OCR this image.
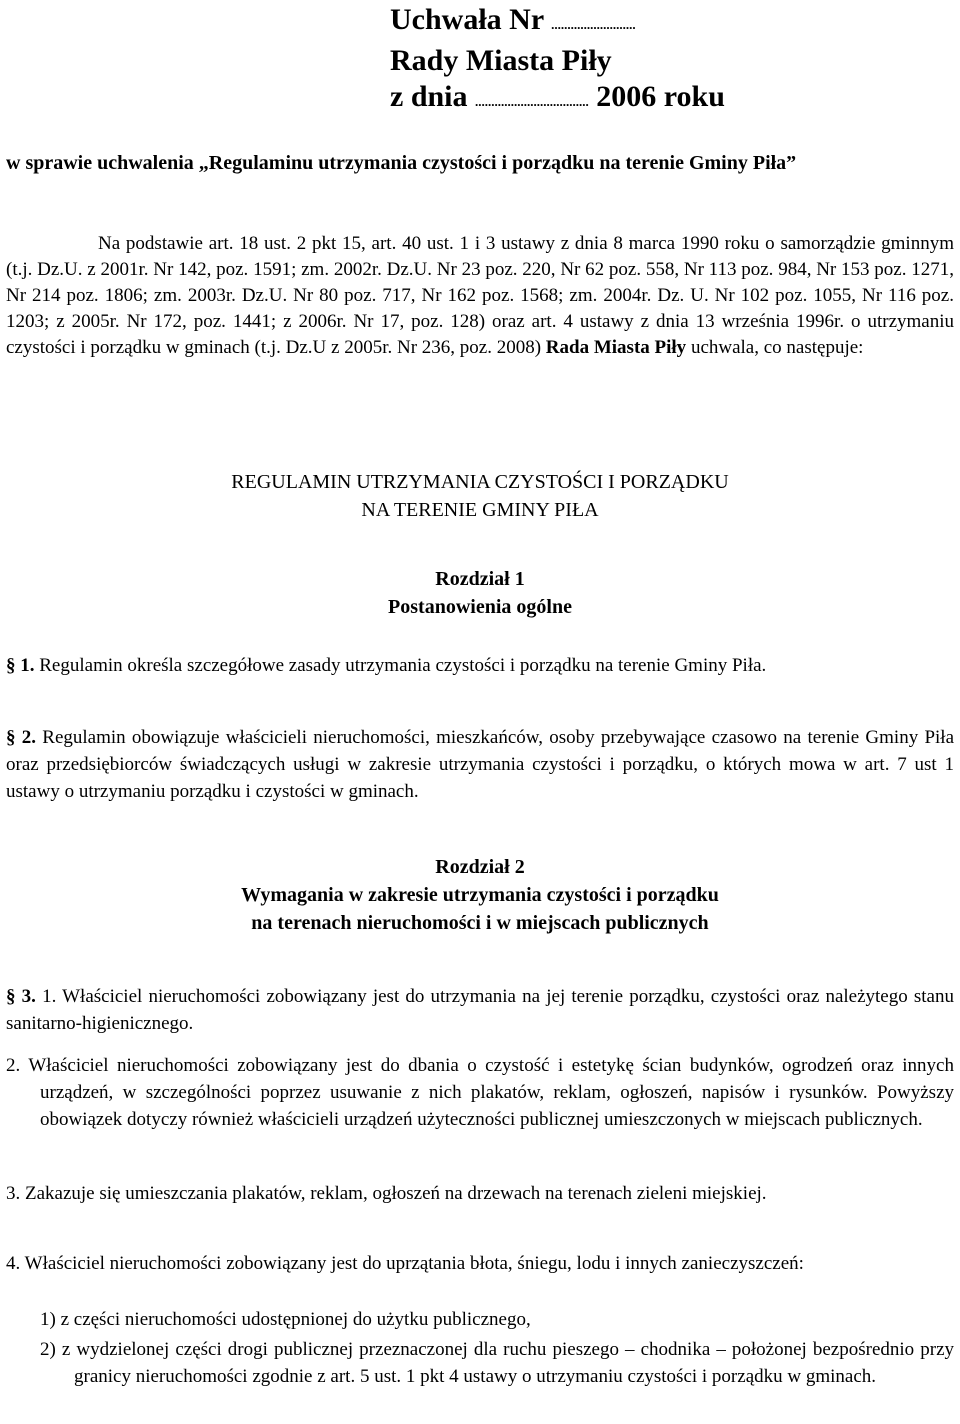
Uchwała Nr ..........................
Rady Miasta Piły
z dnia ................................... 2006 roku
w sprawie uchwalenia „Regulaminu utrzymania czystości i porządku na terenie Gminy Piła”
Na podstawie art. 18 ust. 2 pkt 15, art. 40 ust. 1 i 3 ustawy z dnia 8 marca 1990 roku o samorządzie gminnym (t.j. Dz.U. z 2001r. Nr 142, poz. 1591; zm. 2002r. Dz.U. Nr 23 poz. 220, Nr 62 poz. 558, Nr 113 poz. 984, Nr 153 poz. 1271, Nr 214 poz. 1806; zm. 2003r. Dz.U. Nr 80 poz. 717, Nr 162 poz. 1568; zm. 2004r. Dz. U. Nr 102 poz. 1055, Nr 116 poz. 1203; z 2005r. Nr 172, poz. 1441; z 2006r. Nr 17, poz. 128) oraz art. 4 ustawy z dnia 13 września 1996r. o utrzymaniu czystości i porządku w gminach (t.j. Dz.U z 2005r. Nr 236, poz. 2008) Rada Miasta Piły uchwala, co następuje:
REGULAMIN UTRZYMANIA CZYSTOŚCI I PORZĄDKU
NA TERENIE GMINY PIŁA
Rozdział 1
Postanowienia ogólne
§ 1. Regulamin określa szczegółowe zasady utrzymania czystości i porządku na terenie Gminy Piła.
§ 2. Regulamin obowiązuje właścicieli nieruchomości, mieszkańców, osoby przebywające czasowo na terenie Gminy Piła oraz przedsiębiorców świadczących usługi w zakresie utrzymania czystości i porządku, o których mowa w art. 7 ust 1 ustawy o utrzymaniu porządku i czystości w gminach.
Rozdział 2
Wymagania w zakresie utrzymania czystości i porządku
na terenach nieruchomości i w miejscach publicznych
§ 3. 1. Właściciel nieruchomości zobowiązany jest do utrzymania na jej terenie porządku, czystości oraz należytego stanu sanitarno-higienicznego.
2. Właściciel nieruchomości zobowiązany jest do dbania o czystość i estetykę ścian budynków, ogrodzeń oraz innych urządzeń, w szczególności poprzez usuwanie z nich plakatów, reklam, ogłoszeń, napisów i rysunków. Powyższy obowiązek dotyczy również właścicieli urządzeń użyteczności publicznej umieszczonych w miejscach publicznych.
3. Zakazuje się umieszczania plakatów, reklam, ogłoszeń na drzewach na terenach zieleni miejskiej.
4. Właściciel nieruchomości zobowiązany jest do uprzątania błota, śniegu, lodu i innych zanieczyszczeń:
1) z części nieruchomości udostępnionej do użytku publicznego,
2) z wydzielonej części drogi publicznej przeznaczonej dla ruchu pieszego – chodnika – położonej bezpośrednio przy granicy nieruchomości zgodnie z art. 5 ust. 1 pkt 4 ustawy o utrzymaniu czystości i porządku w gminach.
